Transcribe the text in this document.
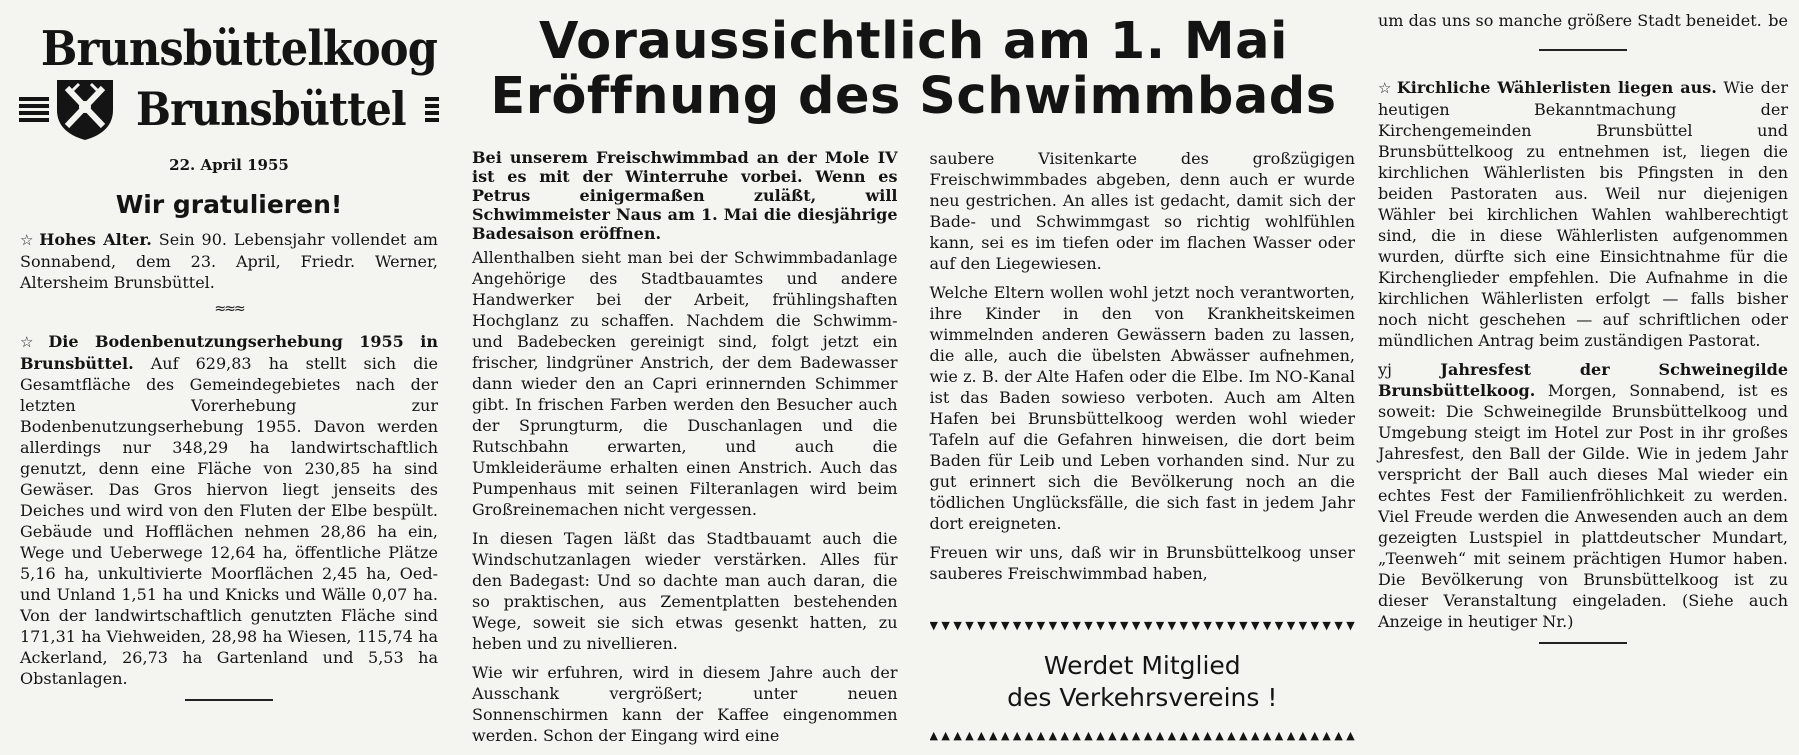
Brunsbüttelkoog
Brunsbüttel
22. April 1955
Wir gratulieren!

☆ Hohes Alter. Sein 90. Lebensjahr vollendet am Sonnabend, dem 23. April, Friedr. Werner, Altersheim Brunsbüttel.

≈≈≈

☆ Die Bodenbenutzungserhebung 1955 in Brunsbüttel. Auf 629,83 ha stellt sich die Gesamtfläche des Gemeindegebietes nach der letzten Vorerhebung zur Bodenbenutzungserhebung 1955. Davon werden allerdings nur 348,29 ha landwirtschaftlich genutzt, denn eine Fläche von 230,85 ha sind Gewäser. Das Gros hiervon liegt jenseits des Deiches und wird von den Fluten der Elbe bespült. Gebäude und Hofflächen nehmen 28,86 ha ein, Wege und Ueberwege 12,64 ha, öffentliche Plätze 5,16 ha, unkultivierte Moorflächen 2,45 ha, Oed- und Unland 1,51 ha und Knicks und Wälle 0,07 ha. Von der landwirtschaftlich genutzten Fläche sind 171,31 ha Viehweiden, 28,98 ha Wiesen, 115,74 ha Ackerland, 26,73 ha Gartenland und 5,53 ha Obstanlagen.

Voraussichtlich am 1. Mai
Eröffnung des Schwimmbads

Bei unserem Freischwimmbad an der Mole IV ist es mit der Winterruhe vorbei. Wenn es Petrus einigermaßen zuläßt, will Schwimmeister Naus am 1. Mai die diesjährige Badesaison eröffnen.

Allenthalben sieht man bei der Schwimmbadanlage Angehörige des Stadtbauamtes und andere Handwerker bei der Arbeit, frühlingshaften Hochglanz zu schaffen. Nachdem die Schwimm- und Badebecken gereinigt sind, folgt jetzt ein frischer, lindgrüner Anstrich, der dem Badewasser dann wieder den an Capri erinnernden Schimmer gibt. In frischen Farben werden den Besucher auch der Sprungturm, die Duschanlagen und die Rutschbahn erwarten, und auch die Umkleideräume erhalten einen Anstrich. Auch das Pumpenhaus mit seinen Filteranlagen wird beim Großreinemachen nicht vergessen.

In diesen Tagen läßt das Stadtbauamt auch die Windschutzanlagen wieder verstärken. Alles für den Badegast: Und so dachte man auch daran, die so praktischen, aus Zementplatten bestehenden Wege, soweit sie sich etwas gesenkt hatten, zu heben und zu nivellieren.

Wie wir erfuhren, wird in diesem Jahre auch der Ausschank vergrößert; unter neuen Sonnenschirmen kann der Kaffee eingenommen werden. Schon der Eingang wird eine

saubere Visitenkarte des großzügigen Freischwimmbades abgeben, denn auch er wurde neu gestrichen. An alles ist gedacht, damit sich der Bade- und Schwimmgast so richtig wohlfühlen kann, sei es im tiefen oder im flachen Wasser oder auf den Liegewiesen.

Welche Eltern wollen wohl jetzt noch verantworten, ihre Kinder in den von Krankheitskeimen wimmelnden anderen Gewässern baden zu lassen, die alle, auch die übelsten Abwässer aufnehmen, wie z. B. der Alte Hafen oder die Elbe. Im NO-Kanal ist das Baden sowieso verboten. Auch am Alten Hafen bei Brunsbüttelkoog werden wohl wieder Tafeln auf die Gefahren hinweisen, die dort beim Baden für Leib und Leben vorhanden sind. Nur zu gut erinnert sich die Bevölkerung noch an die tödlichen Unglücksfälle, die sich fast in jedem Jahr dort ereigneten.

Freuen wir uns, daß wir in Brunsbüttelkoog unser sauberes Freischwimmbad haben,

▼ ▼ ▼ ▼ ▼ ▼ ▼ ▼ ▼ ▼ ▼ ▼ ▼ ▼ ▼ ▼ ▼ ▼ ▼ ▼ ▼ ▼ ▼ ▼ ▼ ▼ ▼ ▼ ▼ ▼ ▼ ▼ ▼ ▼ ▼ ▼
Werdet Mitglied
des Verkehrsvereins !
▲ ▲ ▲ ▲ ▲ ▲ ▲ ▲ ▲ ▲ ▲ ▲ ▲ ▲ ▲ ▲ ▲ ▲ ▲ ▲ ▲ ▲ ▲ ▲ ▲ ▲ ▲ ▲ ▲ ▲ ▲ ▲ ▲ ▲ ▲ ▲

um das uns so manche größere Stadt beneidet. be

☆ Kirchliche Wählerlisten liegen aus. Wie der heutigen Bekanntmachung der Kirchengemeinden Brunsbüttel und Brunsbüttelkoog zu entnehmen ist, liegen die kirchlichen Wählerlisten bis Pfingsten in den beiden Pastoraten aus. Weil nur diejenigen Wähler bei kirchlichen Wahlen wahlberechtigt sind, die in diese Wählerlisten aufgenommen wurden, dürfte sich eine Einsichtnahme für die Kirchenglieder empfehlen. Die Aufnahme in die kirchlichen Wählerlisten erfolgt — falls bisher noch nicht geschehen — auf schriftlichen oder mündlichen Antrag beim zuständigen Pastorat.

yj	Jahresfest der Schweinegilde Brunsbüttelkoog. Morgen, Sonnabend, ist es soweit: Die Schweinegilde Brunsbüttelkoog und Umgebung steigt im Hotel zur Post in ihr großes Jahresfest, den Ball der Gilde. Wie in jedem Jahr verspricht der Ball auch dieses Mal wieder ein echtes Fest der Familienfröhlichkeit zu werden. Viel Freude werden die Anwesenden auch an dem gezeigten Lustspiel in plattdeutscher Mundart, „Teenweh“ mit seinem prächtigen Humor haben. Die Bevölkerung von Brunsbüttelkoog ist zu dieser Veranstaltung eingeladen. (Siehe auch Anzeige in heutiger Nr.)
